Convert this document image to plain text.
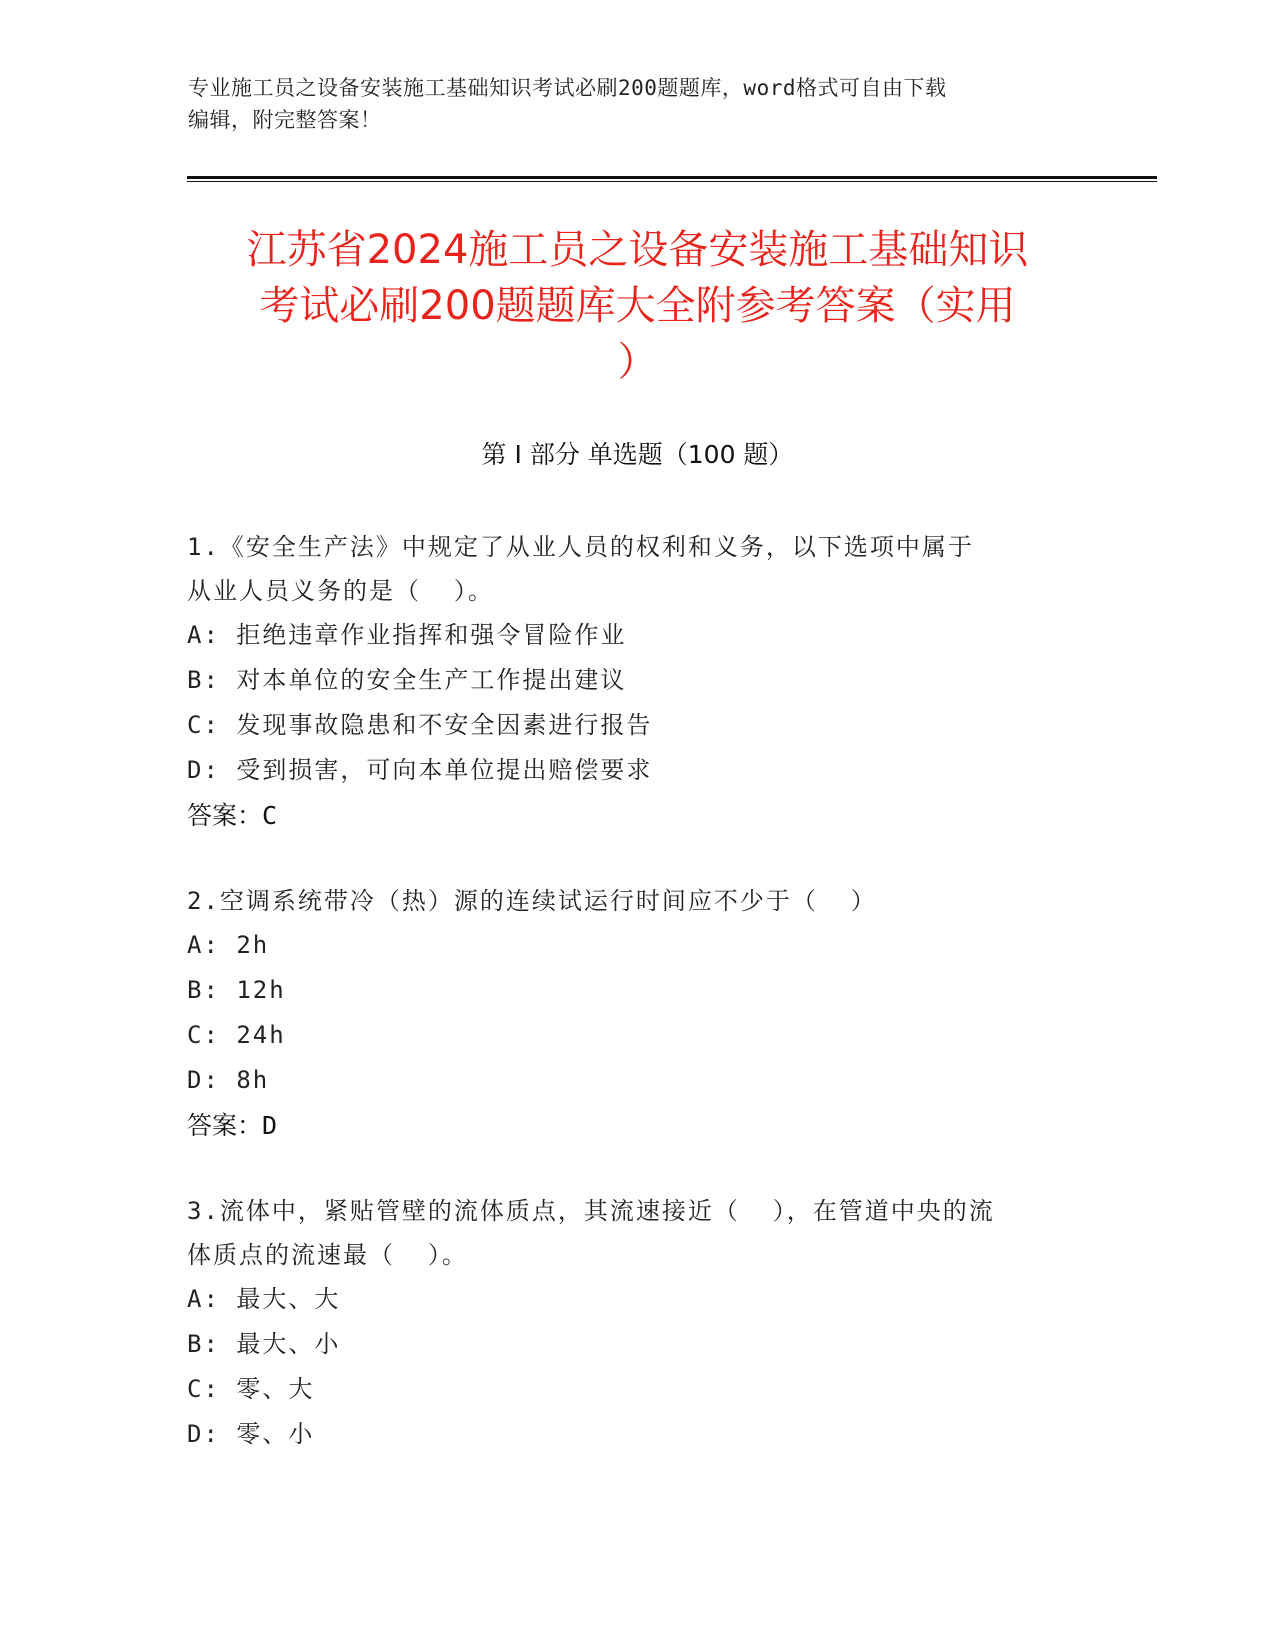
专业施工员之设备安装施工基础知识考试必刷200题题库，word格式可自由下载
编辑，附完整答案！
江苏省2024施工员之设备安装施工基础知识
考试必刷200题题库大全附参考答案（实用
）
第 I 部分 单选题（100 题）

1.《安全生产法》中规定了从业人员的权利和义务，以下选项中属于

从业人员义务的是（  ）。

A: 拒绝违章作业指挥和强令冒险作业

B: 对本单位的安全生产工作提出建议

C: 发现事故隐患和不安全因素进行报告

D: 受到损害，可向本单位提出赔偿要求

答案：C

2.空调系统带冷（热）源的连续试运行时间应不少于（  ）

A: 2h

B: 12h

C: 24h

D: 8h

答案：D

3.流体中，紧贴管壁的流体质点，其流速接近（  ），在管道中央的流

体质点的流速最（  ）。

A: 最大、大

B: 最大、小

C: 零、大

D: 零、小
